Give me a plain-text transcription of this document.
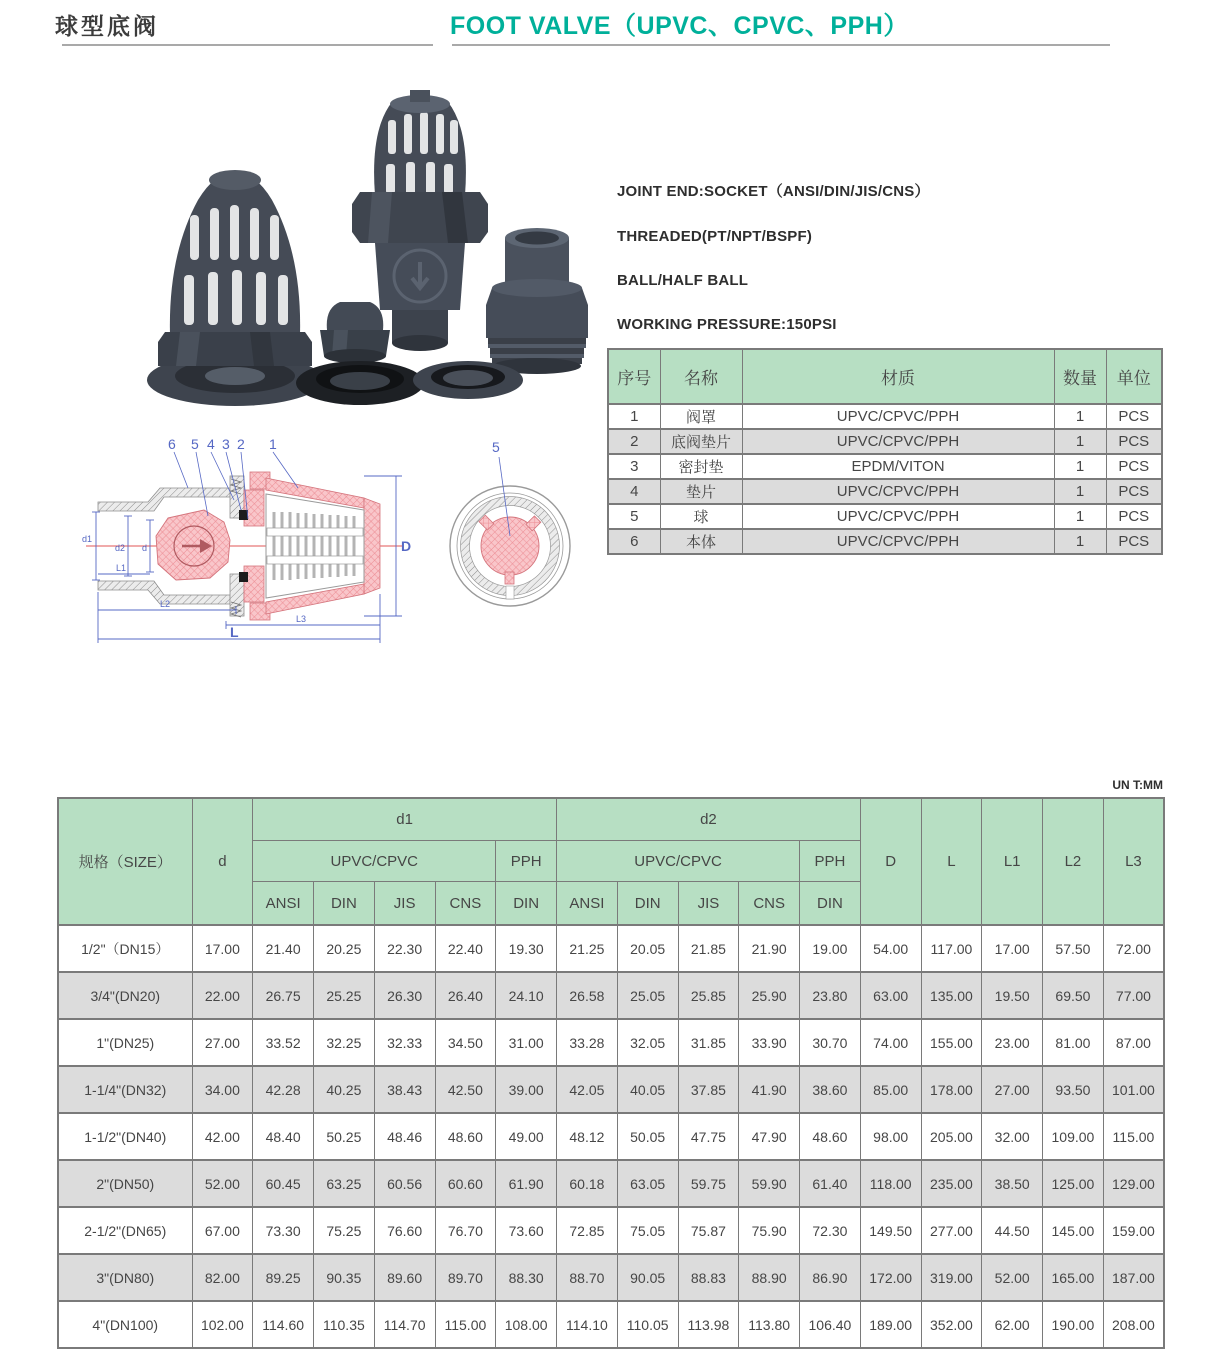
球型底阀	FOOT VALVE（UPVC、CPVC、PPH）
6 5 4 3 2 1
d1
d2 d
L1
L2
L3
L
D
5
JOINT END:SOCKET（ANSI/DIN/JIS/CNS）
THREADED(PT/NPT/BSPF)
BALL/HALF BALL
WORKING PRESSURE:150PSI
序号	名称	材质	数量	单位
1	阀罩	UPVC/CPVC/PPH	1	PCS
2	底阀垫片	UPVC/CPVC/PPH	1	PCS
3	密封垫	EPDM/VITON	1	PCS
4	垫片	UPVC/CPVC/PPH	1	PCS
5	球	UPVC/CPVC/PPH	1	PCS
6	本体	UPVC/CPVC/PPH	1	PCS
UN T:MM
规格（SIZE）	d	d1					d2					D	L	L1	L2	L3
		UPVC/CPVC				PPH	UPVC/CPVC				PPH					
		ANSI	DIN	JIS	CNS	DIN	ANSI	DIN	JIS	CNS	DIN					
1/2"（DN15）	17.00	21.40	20.25	22.30	22.40	19.30	21.25	20.05	21.85	21.90	19.00	54.00	117.00	17.00	57.50	72.00
3/4"(DN20)	22.00	26.75	25.25	26.30	26.40	24.10	26.58	25.05	25.85	25.90	23.80	63.00	135.00	19.50	69.50	77.00
1"(DN25)	27.00	33.52	32.25	32.33	34.50	31.00	33.28	32.05	31.85	33.90	30.70	74.00	155.00	23.00	81.00	87.00
1-1/4"(DN32)	34.00	42.28	40.25	38.43	42.50	39.00	42.05	40.05	37.85	41.90	38.60	85.00	178.00	27.00	93.50	101.00
1-1/2"(DN40)	42.00	48.40	50.25	48.46	48.60	49.00	48.12	50.05	47.75	47.90	48.60	98.00	205.00	32.00	109.00	115.00
2"(DN50)	52.00	60.45	63.25	60.56	60.60	61.90	60.18	63.05	59.75	59.90	61.40	118.00	235.00	38.50	125.00	129.00
2-1/2"(DN65)	67.00	73.30	75.25	76.60	76.70	73.60	72.85	75.05	75.87	75.90	72.30	149.50	277.00	44.50	145.00	159.00
3"(DN80)	82.00	89.25	90.35	89.60	89.70	88.30	88.70	90.05	88.83	88.90	86.90	172.00	319.00	52.00	165.00	187.00
4"(DN100)	102.00	114.60	110.35	114.70	115.00	108.00	114.10	110.05	113.98	113.80	106.40	189.00	352.00	62.00	190.00	208.00
